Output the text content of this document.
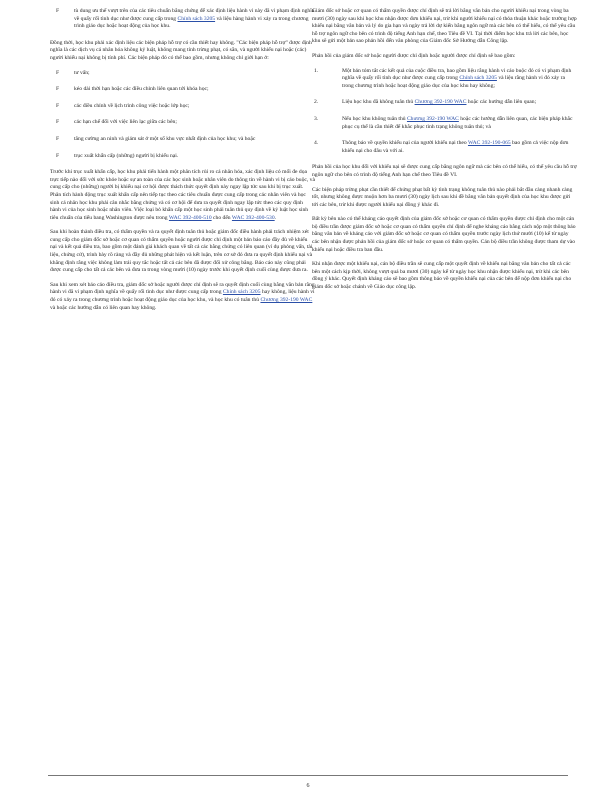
F	tù dung ưu thế vượt trên của các tiêu chuẩn bằng chứng để xác định liệu hành vi này đã vi phạm định nghĩa về quấy rối tình dục như được cung cấp trong Chính sách 3205 và liệu hàng hành vi xảy ra trong chương trình giáo dục hoặc hoạt động của học khu.

Đồng thời, học khu phải xác định liệu các biện pháp hỗ trợ có cần thiết hay không. "Các biện pháp hỗ trợ" được định nghĩa là các dịch vụ cá nhân hóa không kỷ luật, không mang tính trừng phạt, có sẵn, và người khiếu nại hoặc (các) người khiếu nại không bị tính phí. Các biện pháp đó có thể bao gồm, nhưng không chỉ giới hạn ở:

F	tư vấn;
F	kéo dài thời hạn hoặc các điều chỉnh liên quan tới khóa học;
F	các điều chỉnh về lịch trình công việc hoặc lớp học;
F	các hạn chế đối với việc liên lạc giữa các bên;
F	tăng cường an ninh và giám sát ở một số khu vực nhất định của học khu; và hoặc
F	trục xuất khẩn cấp (những) người bị khiếu nại.

Trước khi trục xuất khẩn cấp, học khu phải tiến hành một phân tích rủi ro cá nhân hóa, xác định liệu có mối đe dọa trực tiếp nào đối với sức khỏe hoặc sự an toàn của các học sinh hoặc nhân viên do thông tin về hành vi bị cáo buộc, và cung cấp cho (những) người bị khiếu nại cơ hội được thách thức quyết định này ngay lập tức sau khi bị trục xuất. Phân tích hành động trục xuất khẩn cấp nên tiếp tục theo các tiêu chuẩn được cung cấp trong các nhân viên và học sinh cá nhân học khu phải cân nhắc bằng chứng và có cơ hội để dưa ra quyết định ngay lập tức theo các quy định hành vi của học sinh hoặc nhân viên. Việc loại bỏ khẩn cấp một học sinh phải tuân thủ quy định về kỷ luật học sinh tiêu chuẩn của tiểu bang Washington được nêu trong WAC 392-400-510 cho đến WAC 392-400-530.

Sau khi hoàn thành điều tra, có thẩm quyền và ra quyết định tuân thủ hoặc giám đốc điều hành phải trách nhiệm xét cung cấp cho giám đốc sở hoặc cơ quan có thẩm quyền hoặc người được chỉ định một bản báo cáo đầy đủ về khiếu nại và kết quả điều tra, bao gồm một đánh giá khách quan về tất cả các bằng chứng có liên quan (ví dụ phỏng vấn, tài liệu, chứng cứ), trình bày rõ ràng và đầy đủ những phát hiện và kết luận, trên cơ sở đó đưa ra quyết định khiếu nại và khẳng định rằng việc không làm trái quy tắc hoặc tất cả các bên đã được đối xử công bằng. Báo cáo này cũng phải được cung cấp cho tất cả các bên và đưa ra trong vòng mười (10) ngày trước khi quyết định cuối cùng được đưa ra.

Sau khi xem xét báo cáo điều tra, giám đốc sở hoặc người được chỉ định sẽ ra quyết định cuối cùng bằng văn bản rằng hành vi đã vi phạm định nghĩa về quấy rối tình dục như được cung cấp trong Chính sách 3205 hay không, liệu hành vi đó có xảy ra trong chương trình hoặc hoạt động giáo dục của học khu, và học khu có tuân thủ Chương 392-190 WAC và hoặc các hướng dẫn có liên quan hay không.

Giám đốc sở hoặc cơ quan có thẩm quyền được chỉ định sẽ trả lời bằng văn bản cho người khiếu nại trong vòng ba mươi (30) ngày sau khi học khu nhận được đơn khiếu nại, trừ khi người khiếu nại có thỏa thuận khác hoặc trường hợp khiếu nại bằng văn bản và lý do gia hạn và ngày trả lời dự kiến bằng ngôn ngữ mà các bên có thể hiểu, có thể yêu cầu hỗ trợ ngôn ngữ cho bên có trình độ tiếng Anh hạn chế, theo Tiêu đề VI. Tại thời điểm học khu trả lời các bên, học khu sẽ gửi một bản sao phản hồi đến văn phòng của Giám đốc Sở Hướng dẫn Công lập.

Phản hồi của giám đốc sở hoặc người được chỉ định hoặc người được chỉ định sẽ bao gồm:

1.	Một bản tóm tắt các kết quả của cuộc điều tra, bao gồm liệu rằng hành vi cáo buộc đó có vi phạm định nghĩa về quấy rối tình dục như được cung cấp trong Chính sách 3205 và liệu rằng hành vi đó xảy ra trong chương trình hoặc hoạt động giáo dục của học khu hay không;
2.	Liệu học khu đã không tuân thủ Chương 392-190 WAC hoặc các hướng dẫn liên quan;
3.	Nếu học khu không tuân thủ Chương 392-190 WAC hoặc các hướng dẫn liên quan, các biện pháp khắc phục cụ thể là cần thiết để khắc phục tình trạng không tuân thủ; và
4.	Thông báo về quyền khiếu nại của người khiếu nại theo WAC 392-190-065 bao gồm cả việc nộp đơn khiếu nại cho đâu và với ai.

Phản hồi của học khu đối với khiếu nại sẽ được cung cấp bằng ngôn ngữ mà các bên có thể hiểu, có thể yêu cầu hỗ trợ ngôn ngữ cho bên có trình độ tiếng Anh hạn chế theo Tiêu đề VI.

Các biện pháp trừng phạt cần thiết để chứng phạt bất kỳ tình trạng không tuân thủ nào phải bắt đầu càng nhanh càng tốt, nhưng không được muộn hơn ba mươi (30) ngày lịch sau khi đề bằng văn bản quyết định của học khu được gửi tới các bên, trừ khi được người khiếu nại đồng ý khác đi.

Bất kỳ bên nào có thể kháng cáo quyết định của giám đốc sở hoặc cơ quan có thẩm quyền được chỉ định cho một cán bộ điều trần được giám đốc sở hoặc cơ quan có thẩm quyền chỉ định để nghe kháng cáo bằng cách nộp một thông báo bằng văn bản về kháng cáo với giám đốc sở hoặc cơ quan có thẩm quyền trước ngày lịch thứ mười (10) kể từ ngày các bên nhận được phản hồi của giám đốc sở hoặc cơ quan có thẩm quyền. Cán bộ điều trần không được tham dự vào khiếu nại hoặc điều tra ban đầu.

Khi nhận được một khiếu nại, cán bộ điều trần sẽ cung cấp một quyết định về khiếu nại bằng văn bản cho tất cả các bên một cách kịp thời, không vượt quá ba mươi (30) ngày kể từ ngày học khu nhận được khiếu nại, trừ khi các bên đồng ý khác. Quyết định kháng cáo sẽ bao gồm thông báo về quyền khiếu nại của các bên để nộp đơn khiếu nại cho giám đốc sở hoặc chánh về Giáo dục công lập.

6
